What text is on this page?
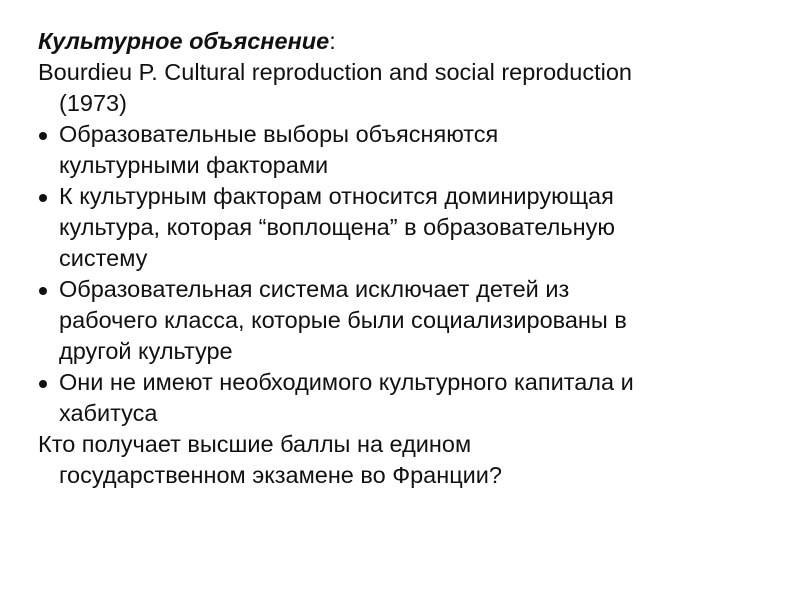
Культурное объяснение:
Bourdieu P. Cultural reproduction and social reproduction
(1973)
Образовательные выборы объясняются
культурными факторами
К культурным факторам относится доминирующая
культура, которая “воплощена” в образовательную
систему
Образовательная система исключает детей из
рабочего класса, которые были социализированы в
другой культуре
Они не имеют необходимого культурного капитала и
хабитуса
Кто получает высшие баллы на едином
государственном экзамене во Франции?
